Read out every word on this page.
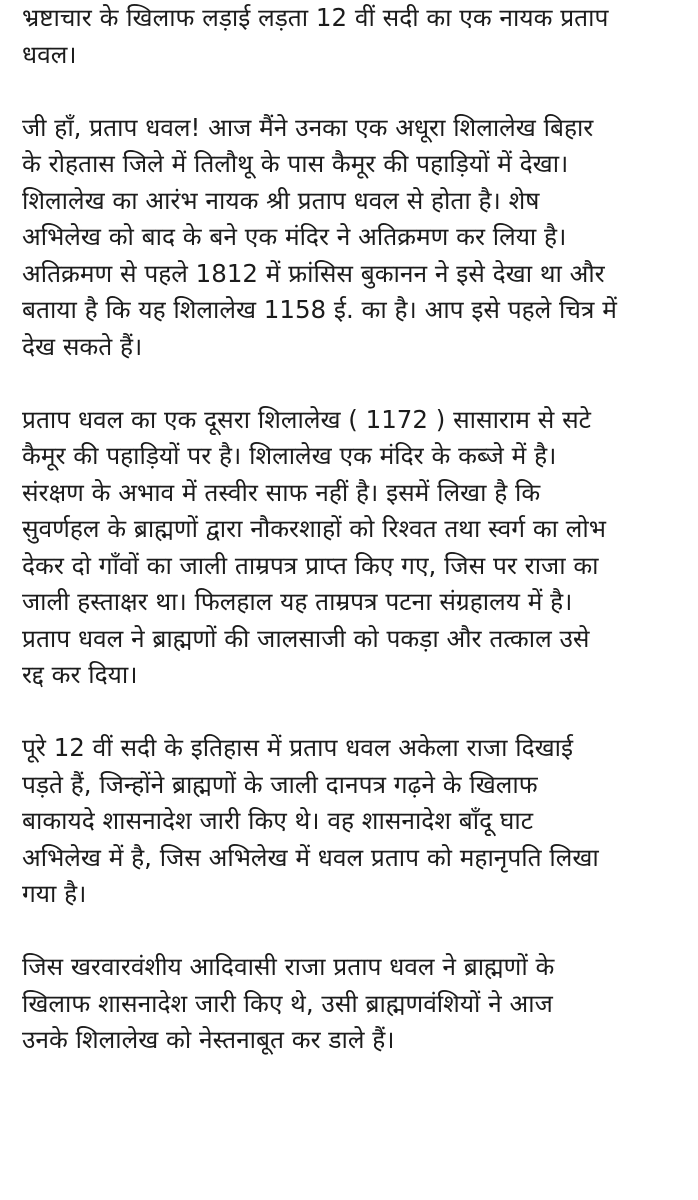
भ्रष्टाचार के खिलाफ लड़ाई लड़ता 12 वीं सदी का एक नायक प्रताप
धवल।
जी हाँ, प्रताप धवल! आज मैंने उनका एक अधूरा शिलालेख बिहार
के रोहतास जिले में तिलौथू के पास कैमूर की पहाड़ियों में देखा।
शिलालेख का आरंभ नायक श्री प्रताप धवल से होता है। शेष
अभिलेख को बाद के बने एक मंदिर ने अतिक्रमण कर लिया है।
अतिक्रमण से पहले 1812 में फ्रांसिस बुकानन ने इसे देखा था और
बताया है कि यह शिलालेख 1158 ई. का है। आप इसे पहले चित्र में
देख सकते हैं।
प्रताप धवल का एक दूसरा शिलालेख ( 1172 ) सासाराम से सटे
कैमूर की पहाड़ियों पर है। शिलालेख एक मंदिर के कब्जे में है।
संरक्षण के अभाव में तस्वीर साफ नहीं है। इसमें लिखा है कि
सुवर्णहल के ब्राह्मणों द्वारा नौकरशाहों को रिश्वत तथा स्वर्ग का लोभ
देकर दो गाँवों का जाली ताम्रपत्र प्राप्त किए गए, जिस पर राजा का
जाली हस्ताक्षर था। फिलहाल यह ताम्रपत्र पटना संग्रहालय में है।
प्रताप धवल ने ब्राह्मणों की जालसाजी को पकड़ा और तत्काल उसे
रद्द कर दिया।
पूरे 12 वीं सदी के इतिहास में प्रताप धवल अकेला राजा दिखाई
पड़ते हैं, जिन्होंने ब्राह्मणों के जाली दानपत्र गढ़ने के खिलाफ
बाकायदे शासनादेश जारी किए थे। वह शासनादेश बाँदू घाट
अभिलेख में है, जिस अभिलेख में धवल प्रताप को महानृपति लिखा
गया है।
जिस खरवारवंशीय आदिवासी राजा प्रताप धवल ने ब्राह्मणों के
खिलाफ शासनादेश जारी किए थे, उसी ब्राह्मणवंशियों ने आज
उनके शिलालेख को नेस्तनाबूत कर डाले हैं।
